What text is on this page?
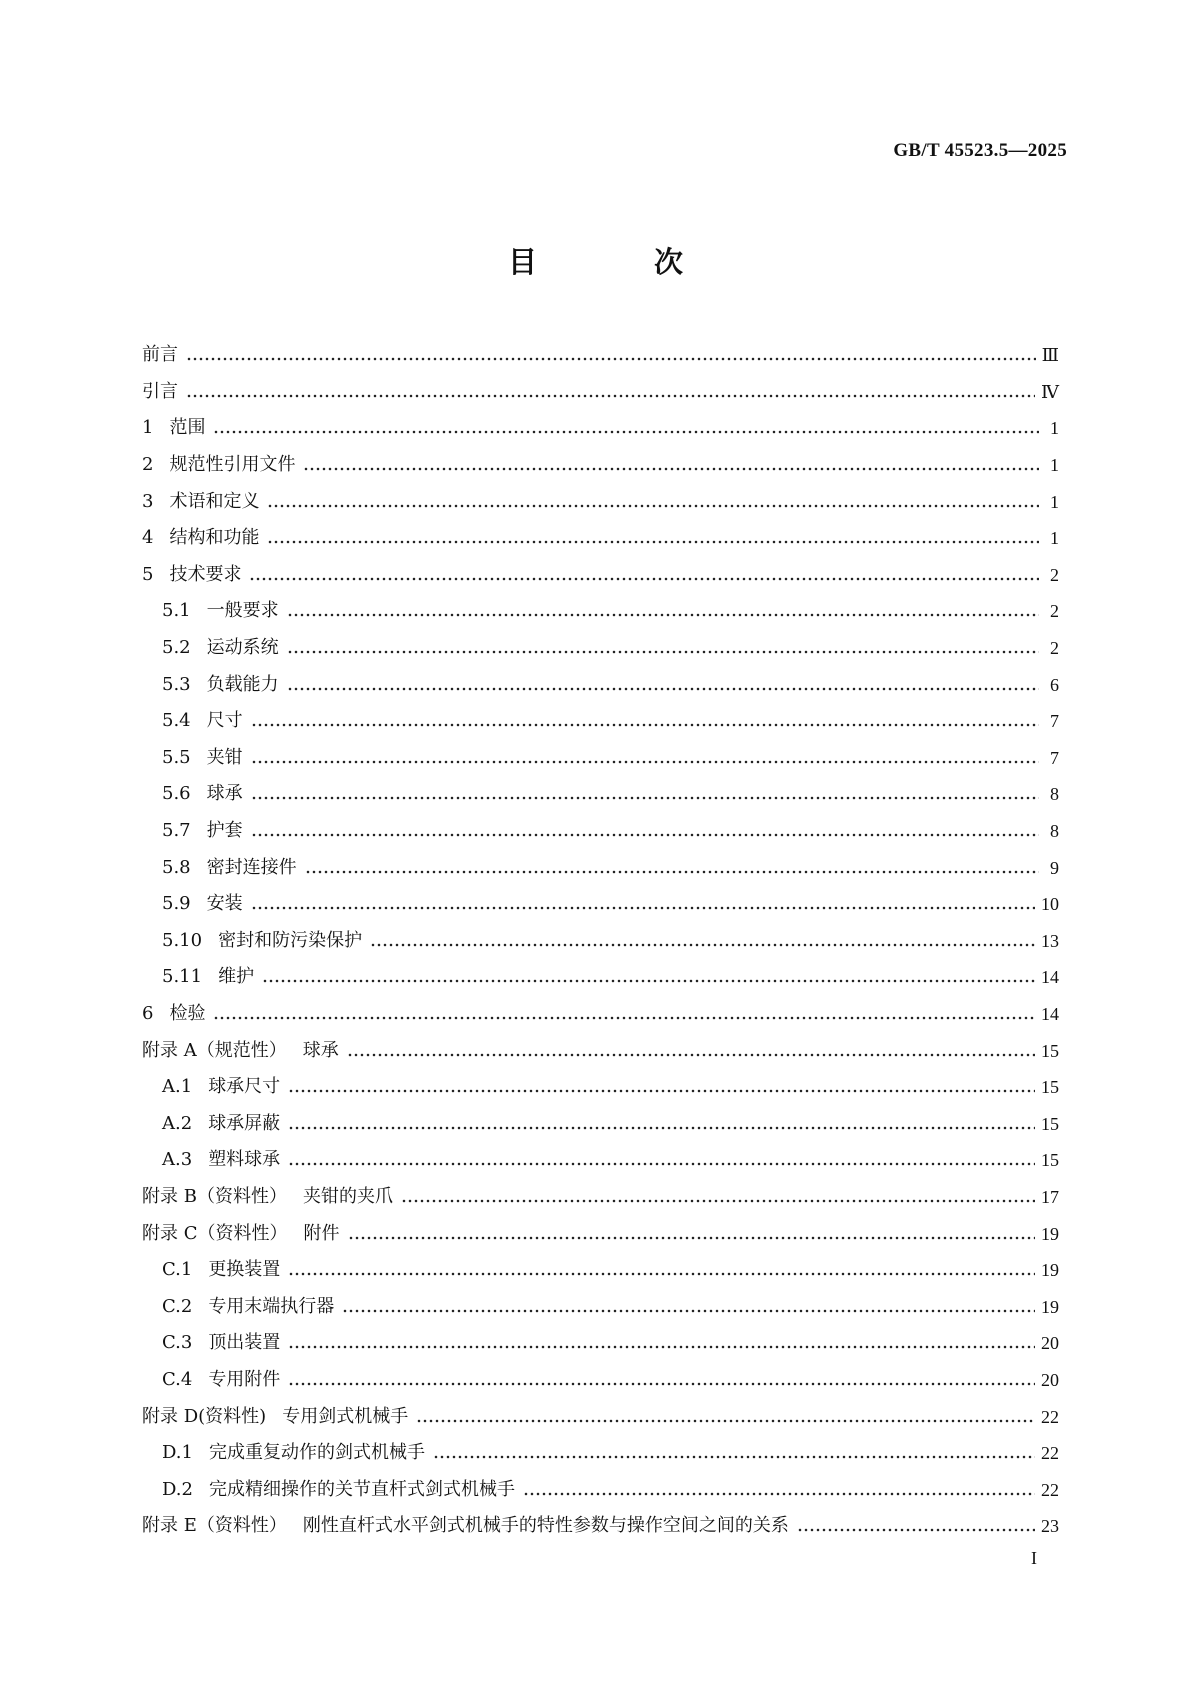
GB/T 45523.5—2025
目　次
前言	Ⅲ
引言	Ⅳ
1 范围	1
2 规范性引用文件	1
3 术语和定义	1
4 结构和功能	1
5 技术要求	2
5.1 一般要求	2
5.2 运动系统	2
5.3 负载能力	6
5.4 尺寸	7
5.5 夹钳	7
5.6 球承	8
5.7 护套	8
5.8 密封连接件	9
5.9 安装	10
5.10 密封和防污染保护	13
5.11 维护	14
6 检验	14
附录 A（规范性） 球承	15
A.1 球承尺寸	15
A.2 球承屏蔽	15
A.3 塑料球承	15
附录 B（资料性） 夹钳的夹爪	17
附录 C（资料性） 附件	19
C.1 更换装置	19
C.2 专用末端执行器	19
C.3 顶出装置	20
C.4 专用附件	20
附录 D(资料性) 专用剑式机械手	22
D.1 完成重复动作的剑式机械手	22
D.2 完成精细操作的关节直杆式剑式机械手	22
附录 E（资料性） 刚性直杆式水平剑式机械手的特性参数与操作空间之间的关系	23
I
